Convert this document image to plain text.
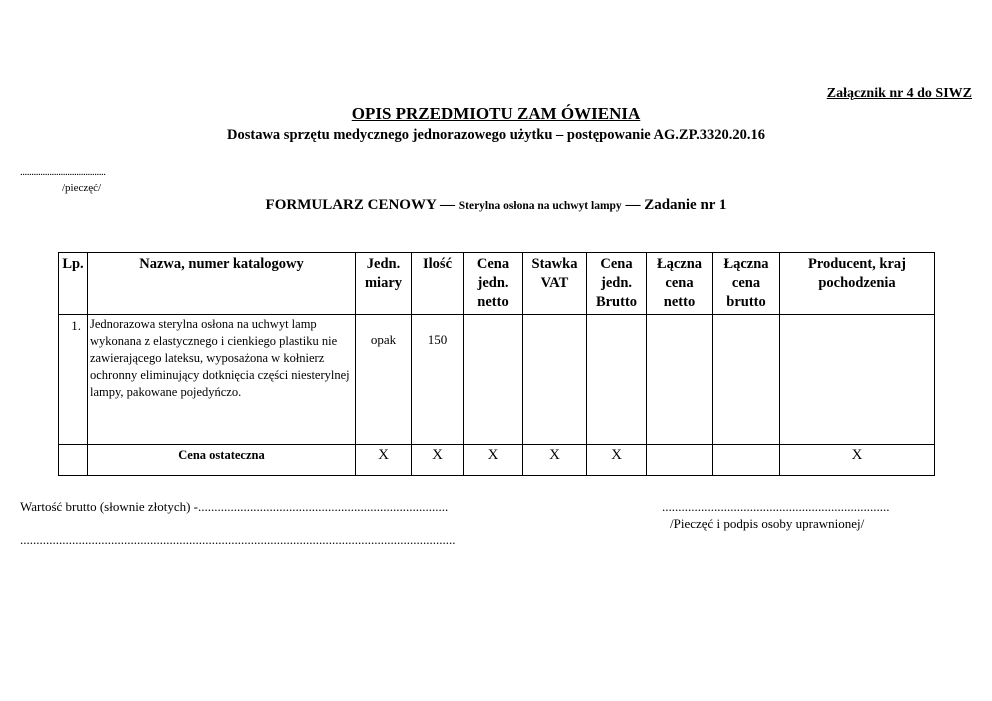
Załącznik nr 4 do SIWZ
OPIS PRZEDMIOTU ZAM ÓWIENIA
Dostawa sprzętu medycznego jednorazowego użytku – postępowanie AG.ZP.3320.20.16
......................................
/pieczęć/
FORMULARZ CENOWY — Sterylna osłona na uchwyt lampy — Zadanie nr 1
Lp.	Nazwa, numer katalogowy	Jedn. miary	Ilość	Cena jedn. netto	Stawka VAT	Cena jedn. Brutto	Łączna cena netto	Łączna cena brutto	Producent, kraj pochodzenia
1.	Jednorazowa sterylna osłona na uchwyt lamp wykonana z elastycznego i cienkiego plastiku nie zawierającego lateksu, wyposażona w kołnierz ochronny eliminujący dotknięcia części niesterylnej lampy, pakowane pojedyńczo.	opak	150						
	Cena ostateczna	X	X	X	X	X			X
Wartość brutto (słownie złotych) -.............................................................................	......................................................................
/Pieczęć i podpis osoby uprawnionej/
......................................................................................................................................
